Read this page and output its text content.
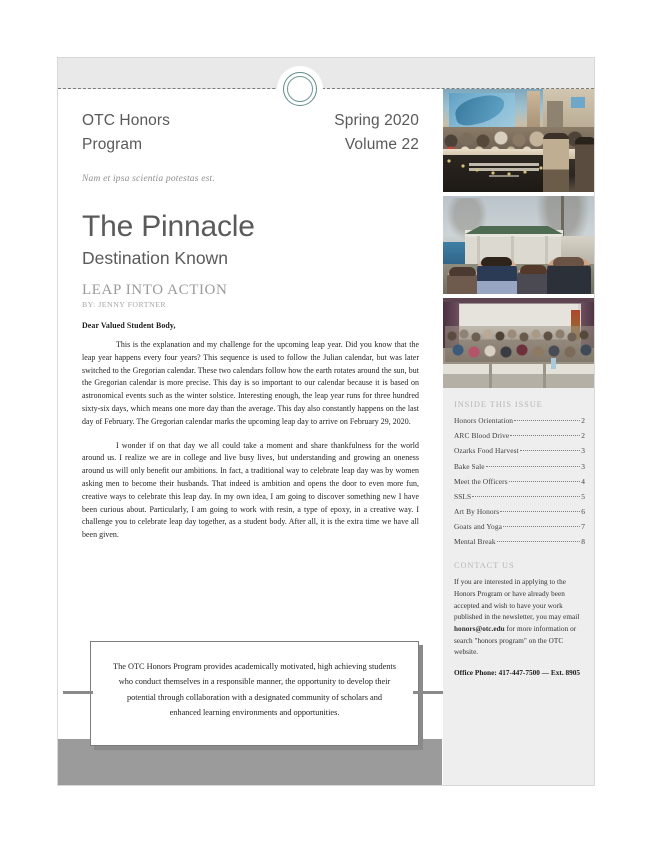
OTC Honors
Program
Spring 2020
Volume 22
Nam et ipsa scientia potestas est.
The Pinnacle
Destination Known
LEAP INTO ACTION
BY: JENNY FORTNER
Dear Valued Student Body,
This is the explanation and my challenge for the upcoming leap year. Did you know that the leap year happens every four years? This sequence is used to follow the Julian calendar, but was later switched to the Gregorian calendar. These two calendars follow how the earth rotates around the sun, but the Gregorian calendar is more precise. This day is so important to our calendar because it is based on astronomical events such as the winter solstice. Interesting enough, the leap year runs for three hundred sixty-six days, which means one more day than the average. This day also constantly happens on the last day of February. The Gregorian calendar marks the upcoming leap day to arrive on February 29, 2020.
I wonder if on that day we all could take a moment and share thankfulness for the world around us. I realize we are in college and live busy lives, but understanding and growing an oneness around us will only benefit our ambitions. In fact, a traditional way to celebrate leap day was by women asking men to become their husbands. That indeed is ambition and opens the door to even more fun, creative ways to celebrate this leap day. In my own idea, I am going to discover something new I have been curious about. Particularly, I am going to work with resin, a type of epoxy, in a creative way. I challenge you to celebrate leap day together, as a student body. After all, it is the extra time we have all been given.
The OTC Honors Program provides academically motivated, high achieving students who conduct themselves in a responsible manner, the opportunity to develop their potential through collaboration with a designated community of scholars and enhanced learning environments and opportunities.
INSIDE THIS ISSUE
Honors Orientation	2
ARC Blood Drive	2
Ozarks Food Harvest	3
Bake Sale	3
Meet the Officers	4
SSLS	5
Art By Honors	6
Goats and Yoga	7
Mental Break	8
CONTACT US
If you are interested in applying to the Honors Program or have already been accepted and wish to have your work published in the newsletter, you may email honors@otc.edu for more information or search "honors program" on the OTC website.
Office Phone: 417-447-7500 — Ext. 8905
